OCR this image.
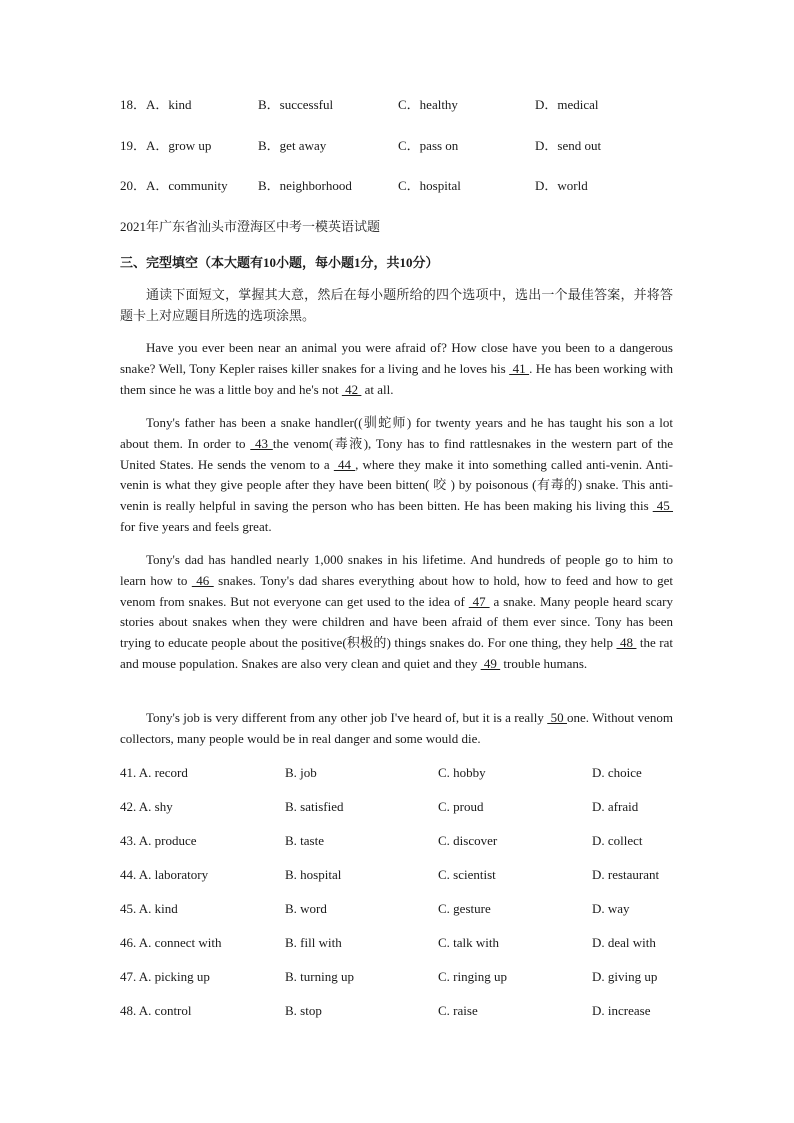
18．A．kind	B．successful	C．healthy	D．medical
19．A．grow up	B．get away	C．pass on	D．send out
20．A．community B．neighborhood	C．hospital	D．world
2021年广东省汕头市澄海区中考一模英语试题
三、完型填空（本大题有10小题，每小题1分，共10分）

通读下面短文，掌握其大意，然后在每小题所给的四个选项中，选出一个最佳答案，并将答题卡上对应题目所选的选项涂黑。

Have you ever been near an animal you were afraid of? How close have you been to a dangerous snake? Well, Tony Kepler raises killer snakes for a living and he loves his  41 . He has been working with them since he was a little boy and he's not  42  at all.

Tony's father has been a snake handler((驯蛇师) for twenty years and he has taught his son a lot about them. In order to  43 the venom(毒液), Tony has to find rattlesnakes in the western part of the United States. He sends the venom to a  44 , where they make it into something called anti-venin. Anti-venin is what they give people after they have been bitten( 咬 ) by poisonous (有毒的) snake. This anti-venin is really helpful in saving the person who has been bitten. He has been making his living this  45  for five years and feels great.

Tony's dad has handled nearly 1,000 snakes in his lifetime. And hundreds of people go to him to learn how to  46  snakes. Tony's dad shares everything about how to hold, how to feed and how to get venom from snakes. But not everyone can get used to the idea of  47  a snake. Many people heard scary stories about snakes when they were children and have been afraid of them ever since. Tony has been trying to educate people about the positive(积极的) things snakes do. For one thing, they help  48  the rat and mouse population. Snakes are also very clean and quiet and they  49  trouble humans.

Tony's job is very different from any other job I've heard of, but it is a really  50 one. Without venom collectors, many people would be in real danger and some would die.

41. A. record	B. job	C. hobby	D. choice
42. A. shy	B. satisfied	C. proud	D. afraid
43. A. produce	B. taste	C. discover	D. collect
44. A. laboratory	B. hospital	C. scientist	D. restaurant
45. A. kind	B. word	C. gesture	D. way
46. A. connect with	B. fill with	C. talk with	D. deal with
47. A. picking up	B. turning up	C. ringing up	D. giving up
48. A. control	B. stop	C. raise	D. increase
